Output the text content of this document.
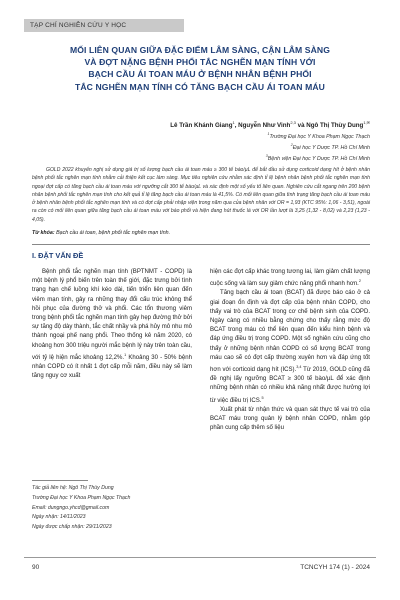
TẠP CHÍ NGHIÊN CỨU Y HỌC
MỐI LIÊN QUAN GIỮA ĐẶC ĐIỂM LÂM SÀNG, CẬN LÂM SÀNG
VÀ ĐỢT NẶNG BỆNH PHỔI TẮC NGHẼN MẠN TÍNH VỚI
BẠCH CẦU ÁI TOAN MÁU Ở BỆNH NHÂN BỆNH PHỔI
TẮC NGHẼN MẠN TÍNH CÓ TĂNG BẠCH CẦU ÁI TOAN MÁU
Lê Trần Khánh Giang$^1$, Nguyễn Như Vinh$^{2,3}$ và Ngô Thị Thùy Dung$^{1,✉}$
$^1$Trường Đại học Y Khoa Phạm Ngọc Thạch
$^2$Đại học Y Dược TP. Hồ Chí Minh
$^3$Bệnh viện Đại học Y Dược TP. Hồ Chí Minh
GOLD 2022 khuyến nghị sử dụng giá trị số lượng bạch cầu ái toan máu ≥ 300 tế bào/µL để bắt đầu sử dụng corticoid dạng hít ở bệnh nhân bệnh phổi tắc nghẽn mạn tính nhằm cải thiện kết cục làm sàng. Mục tiêu nghiên cứu nhằm xác định tỉ lệ bệnh nhân bệnh phổi tắc nghẽn mạn tính ngoại đợt cấp có tăng bạch cầu ái toan máu với ngưỡng cắt 300 tế bào/µL và xác định một số yếu tố liên quan. Nghiên cứu cắt ngang trên 200 bệnh nhân bệnh phổi tắc nghẽn mạn tính cho kết quả tỉ lệ tăng bạch cầu ái toan máu là 41,5%. Có mối liên quan giữa tình trạng tăng bạch cầu ái toan máu ở bệnh nhân bệnh phổi tắc nghẽn mạn tính và có đợt cấp phải nhập viện trong năm qua của bệnh nhân với OR = 1,93 (KTC 95%: 1,06 - 3,51), ngoài ra còn có mối liên quan giữa tăng bạch cầu ái toan máu với bào phổi và hiện đang hút thuốc lá với OR lần lượt là 3,25 (1,32 - 8,02) và 2,23 (1,23 - 4,05).
Từ khóa: Bạch cầu ái toan, bệnh phổi tắc nghẽn mạn tính.
I. ĐẶT VẤN ĐỀ

Bệnh phổi tắc nghẽn mạn tính (BPTNMT - COPD) là một bệnh lý phổ biến trên toàn thế giới, đặc trưng bởi tình trạng hạn chế luồng khí kéo dài, tiến triển liên quan đến viêm mạn tính, gây ra những thay đổi cấu trúc không thể hồi phục của đường thở và phổi. Các tổn thương viêm trong bệnh phổi tắc nghẽn mạn tính gây hẹp đường thở bởi sự tăng độ dày thành, tắc chất nhầy và phá hủy mô nhu mô thành ngoại phế nang phổi. Theo thống kê năm 2020, có khoảng hơn 300 triệu người mắc bệnh lý này trên toàn cầu, với tỷ lệ hiện mắc khoảng 12,2%.$^1$ Khoảng 30 - 50% bệnh nhân COPD có ít nhất 1 đợt cấp mỗi năm, điều này sẽ làm tăng nguy cơ xuất

hiện các đợt cấp khác trong tương lai, làm giảm chất lượng cuộc sống và làm suy giảm chức năng phổi nhanh hơn.$^2$

Tăng bạch cầu ái toan (BCAT) đã được báo cáo ở cả giai đoạn ổn định và đợt cấp của bệnh nhân COPD, cho thấy vai trò của BCAT trong cơ chế bệnh sinh của COPD. Ngày càng có nhiều bằng chứng cho thấy rằng mức độ BCAT trong máu có thể liên quan đến kiểu hình bệnh và đáp ứng điều trị trong COPD. Một số nghiên cứu cũng cho thấy ở những bệnh nhân COPD có số lượng BCAT trong máu cao sẽ có đợt cấp thường xuyên hơn và đáp ứng tốt hơn với corticoid dạng hít (ICS).$^{3,4}$ Từ 2019, GOLD cũng đã đề nghị lấy ngưỡng BCAT ≥ 300 tế bào/µL để xác định những bệnh nhân có nhiều khả năng nhất được hưởng lợi từ việc điều trị ICS.$^5$

Xuất phát từ nhận thức và quan sát thực tế vai trò của BCAT máu trong quản lý bệnh nhân COPD, nhằm góp phần cung cấp thêm số liệu

Tác giả liên hệ: Ngô Thị Thùy Dung
Trường Đại học Y Khoa Phạm Ngọc Thạch
Email: dungngo.yhcd@gmail.com
Ngày nhận: 14/11/2023
Ngày được chấp nhận: 29/11/2023
90	TCNCYH 174 (1) - 2024
